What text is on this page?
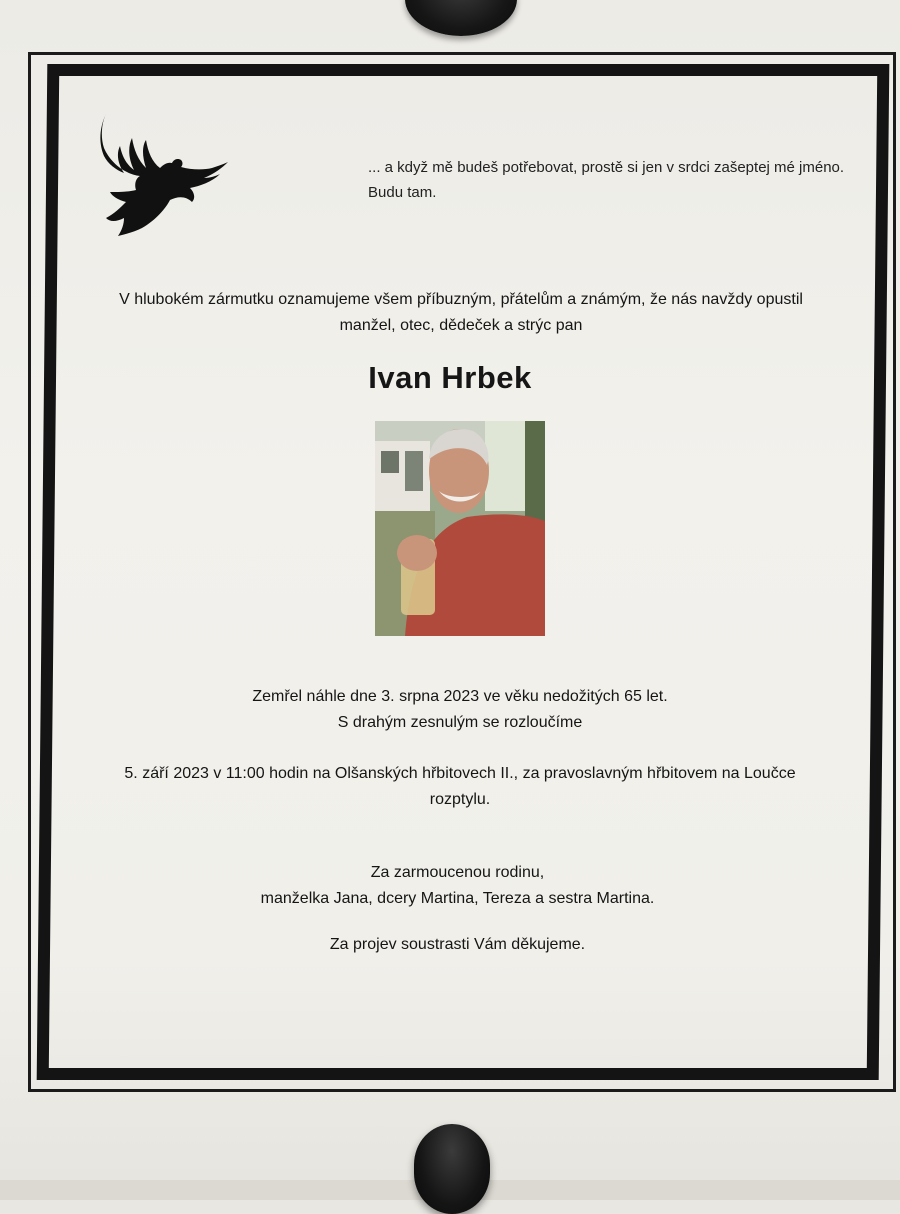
... a když mě budeš potřebovat, prostě si jen v srdci zašeptej mé jméno. Budu tam.
V hlubokém zármutku oznamujeme všem příbuzným, přátelům a známým, že nás navždy opustil manžel, otec, dědeček a strýc pan
Ivan Hrbek
Zemřel náhle dne 3. srpna 2023 ve věku nedožitých 65 let.
S drahým zesnulým se rozloučíme
5. září 2023 v 11:00 hodin na Olšanských hřbitovech II., za pravoslavným hřbitovem na Loučce rozptylu.
Za zarmoucenou rodinu,
manželka Jana, dcery Martina, Tereza a sestra Martina.
Za projev soustrasti Vám děkujeme.
